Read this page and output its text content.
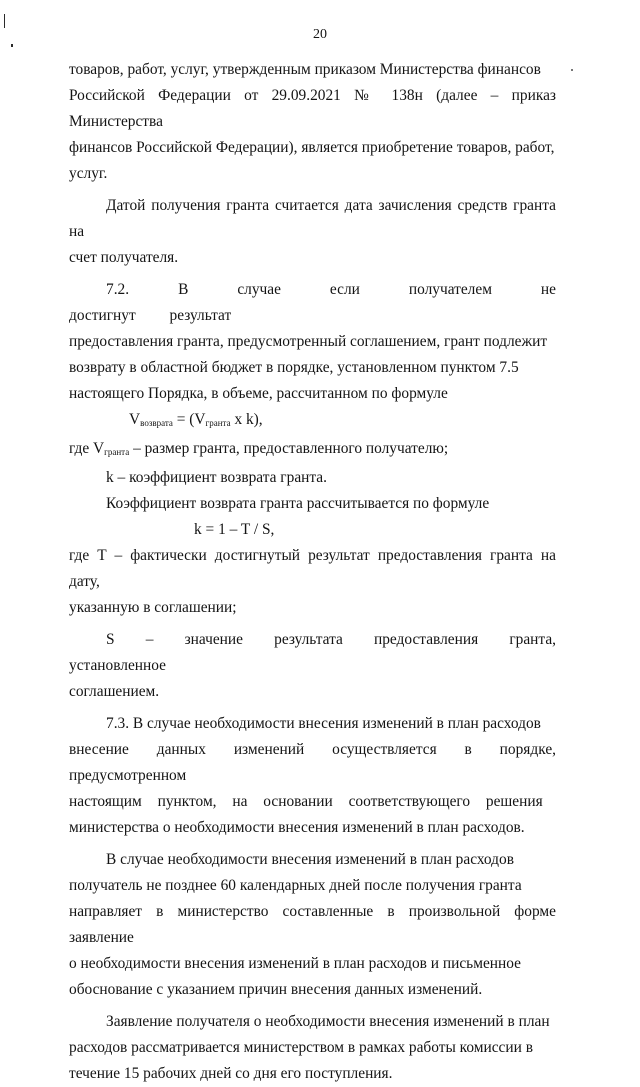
20

товаров, работ, услуг, утвержденным приказом Министерства финансов

Российской Федерации от 29.09.2021 № 138н (далее – приказ Министерства

финансов Российской Федерации), является приобретение товаров, работ,

услуг.

Датой получения гранта считается дата зачисления средств гранта на

счет получателя.

7.2. В случае если получателем не достигнут результат

предоставления гранта, предусмотренный соглашением, грант подлежит

возврату в областной бюджет в порядке, установленном пунктом 7.5

настоящего Порядка, в объеме, рассчитанном по формуле

$V_{возврата} = (V_{гранта}$ x k),

где $V_{гранта}$ – размер гранта, предоставленного получателю;

k – коэффициент возврата гранта.

Коэффициент возврата гранта рассчитывается по формуле

k = 1 – T / S,

где T – фактически достигнутый результат предоставления гранта на дату,

указанную в соглашении;

S – значение результата предоставления гранта, установленное

соглашением.

7.3. В случае необходимости внесения изменений в план расходов

внесение данных изменений осуществляется в порядке, предусмотренном

настоящим пунктом, на основании соответствующего решения

министерства о необходимости внесения изменений в план расходов.

В случае необходимости внесения изменений в план расходов

получатель не позднее 60 календарных дней после получения гранта

направляет в министерство составленные в произвольной форме заявление

о необходимости внесения изменений в план расходов и письменное

обоснование с указанием причин внесения данных изменений.

Заявление получателя о необходимости внесения изменений в план

расходов рассматривается министерством в рамках работы комиссии в

течение 15 рабочих дней со дня его поступления.
